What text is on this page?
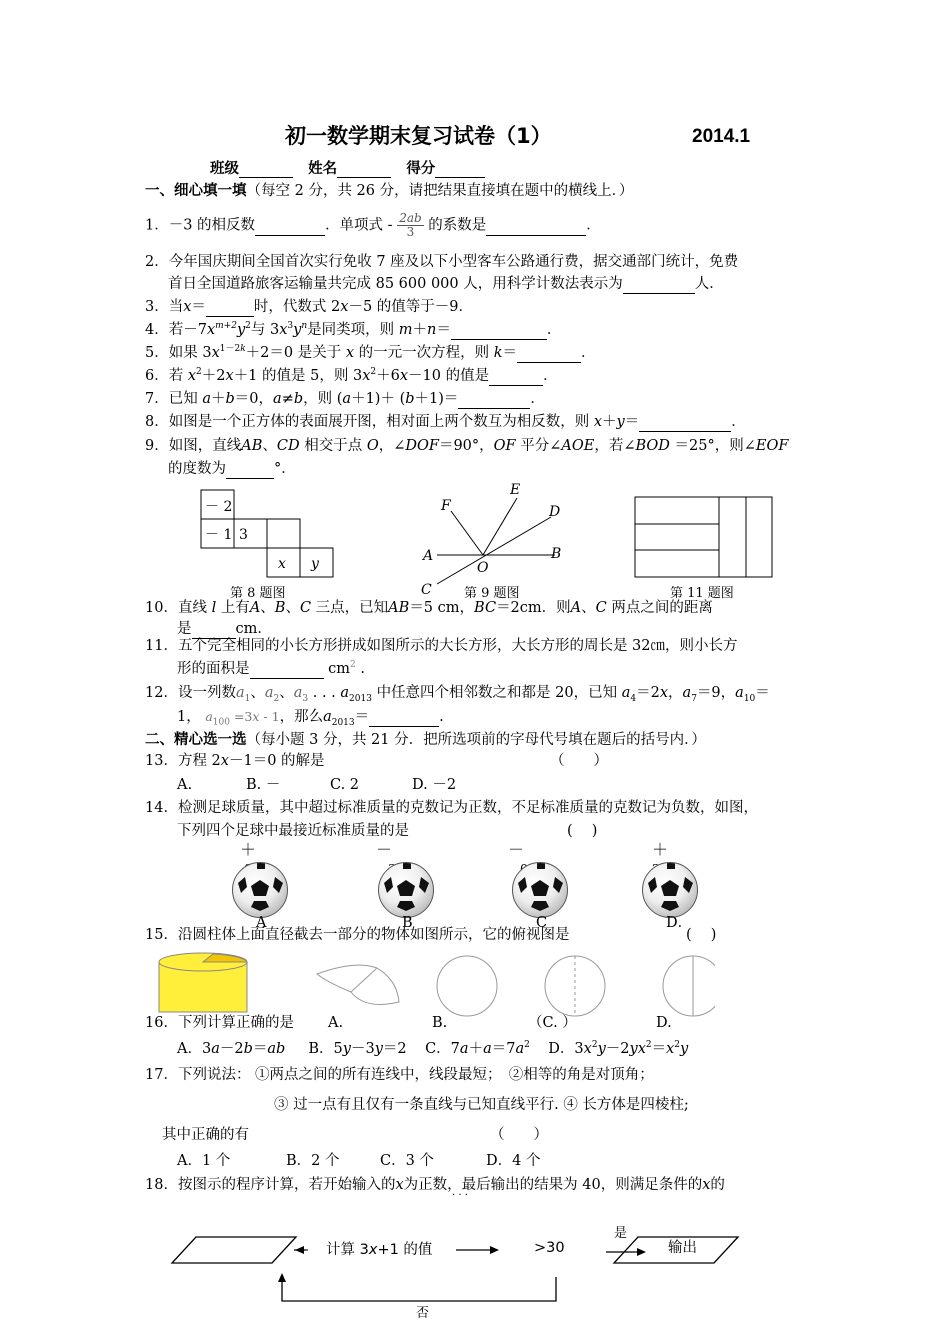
初一数学期末复习试卷（1）	2014.1
班级	姓名	得分
一、细心填一填（每空 2 分，共 26 分，请把结果直接填在题中的横线上．）
1．－3 的相反数	．单项式 - $\frac{2ab}{3}$ 的系数是	．
2．今年国庆期间全国首次实行免收 7 座及以下小型客车公路通行费，据交通部门统计，免费
首日全国道路旅客运输量共完成 85 600 000 人，用科学计数法表示为	人．
3．当x＝	时，代数式 2x－5 的值等于－9．
4．若$-7x^{m+2}y^2$与 $3x^3y^n$是同类项，则 m＋n＝	．
5．如果 $3x^{1-2k}+2=0$ 是关于 x 的一元一次方程，则 k＝	．
6．若 $x^2+2x+1$ 的值是 5，则 $3x^2+6x-10$ 的值是	．
7．已知 a＋b＝0，a≠b，则 (a＋1)＋ (b＋1)＝	．
8．如图是一个正方体的表面展开图，相对面上两个数互为相反数，则 x＋y＝	．
9．如图，直线AB、CD 相交于点 O，∠DOF＝90°，OF 平分∠AOE，若∠BOD ＝25°，则∠EOF
的度数为	°．
－ 2
－ 1 3
x y
第 8 题图
F
E
D
A	B
O
C 第 9 题图	第 11 题图
10．直线 l 上有A、B、C 三点，已知AB＝5 cm，BC＝2cm．则A、C 两点之间的距离
是	cm．
11．五个完全相同的小长方形拼成如图所示的大长方形，大长方形的周长是 32㎝，则小长方
形的面积是	$cm^2$ .
12．设一列数$a_1$、$a_2$、$a_3$ . . . $a_{2013}$ 中任意四个相邻数之和都是 20，已知 $a_4=2x$，$a_7=9$，$a_{10}=$
1， $a_{100} =3x - 1$，那么$a_{2013}=$	.
二、精心选一选（每小题 3 分，共 21 分．把所选项前的字母代号填在题后的括号内．）
13．方程 2x－1＝0 的解是	（　　）
A.	B. －	C. 2	D. －2
14．检测足球质量，其中超过标准质量的克数记为正数，不足标准质量的克数记为负数，如图，
下列四个足球中最接近标准质量的是	(　 )
＋
A
－
B
－
C
＋
D．
15．沿圆柱体上面直径截去一部分的物体如图所示，它的俯视图是	(　 )
16．下列计算正确的是 A.	B.	（C. ）	D.
A．3a－2b＝ab B．5y－3y＝2 C．$7a+a=7a^2$ D．$3x^2y-2yx^2=x^2y$
17．下列说法： ①两点之间的所有连线中，线段最短；　②相等的角是对顶角；
③ 过一点有且仅有一条直线与已知直线平行. ④ 长方体是四棱柱;
其中正确的有	（　　）
A．1 个	B．2 个	C．3 个	D．4 个
18．按图示的程序计算，若开始输入的x为正数，最后输出的结果为 40，则满足条件的x的
· · ·
计算 3x+1 的值	>30
是
输出
否
